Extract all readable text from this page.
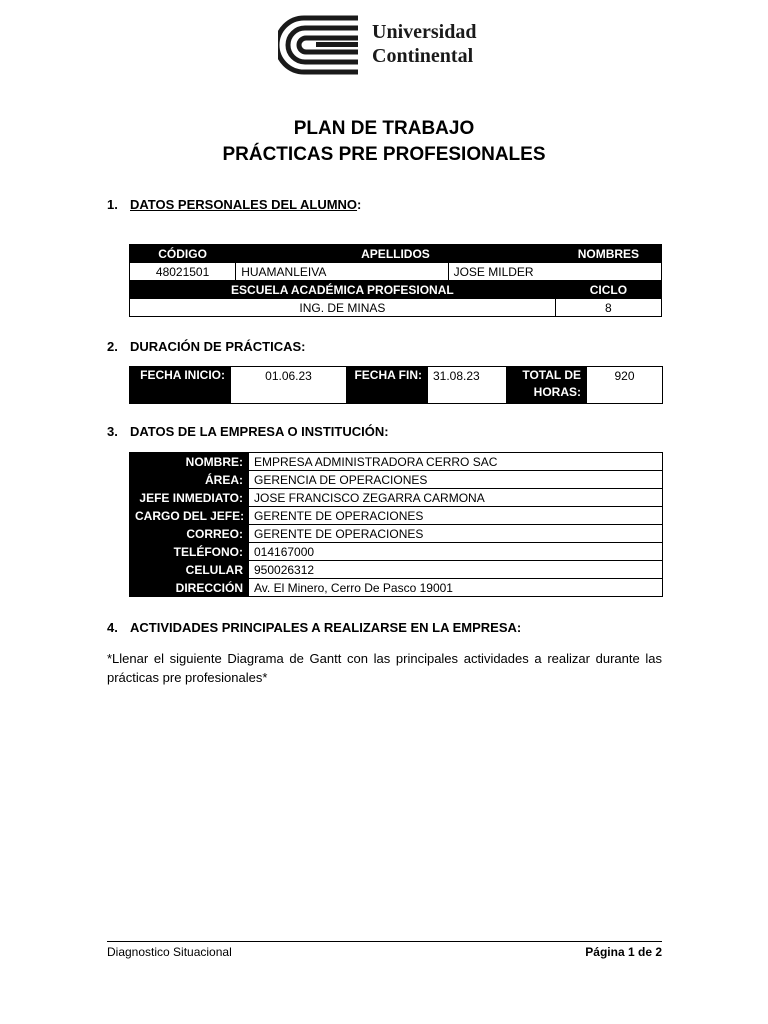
Universidad
Continental
PLAN DE TRABAJO
PRÁCTICAS PRE PROFESIONALES
1. DATOS PERSONALES DEL ALUMNO:
CÓDIGO	APELLIDOS		NOMBRES
48021501	HUAMANLEIVA	JOSE MILDER	
ESCUELA ACADÉMICA PROFESIONAL			CICLO
ING. DE MINAS			8
2. DURACIÓN DE PRÁCTICAS:
FECHA INICIO:	01.06.23	FECHA FIN:	31.08.23	TOTAL DE HORAS:	920
3. DATOS DE LA EMPRESA O INSTITUCIÓN:
NOMBRE:	EMPRESA ADMINISTRADORA CERRO SAC
ÁREA:	GERENCIA DE OPERACIONES
JEFE INMEDIATO:	JOSE FRANCISCO ZEGARRA CARMONA
CARGO DEL JEFE:	GERENTE DE OPERACIONES
CORREO:	GERENTE DE OPERACIONES
TELÉFONO:	014167000
CELULAR	950026312
DIRECCIÓN	Av. El Minero, Cerro De Pasco 19001
4. ACTIVIDADES PRINCIPALES A REALIZARSE EN LA EMPRESA:
*Llenar el siguiente Diagrama de Gantt con las principales actividades a realizar durante las prácticas pre profesionales*
Diagnostico Situacional	Página 1 de 2
